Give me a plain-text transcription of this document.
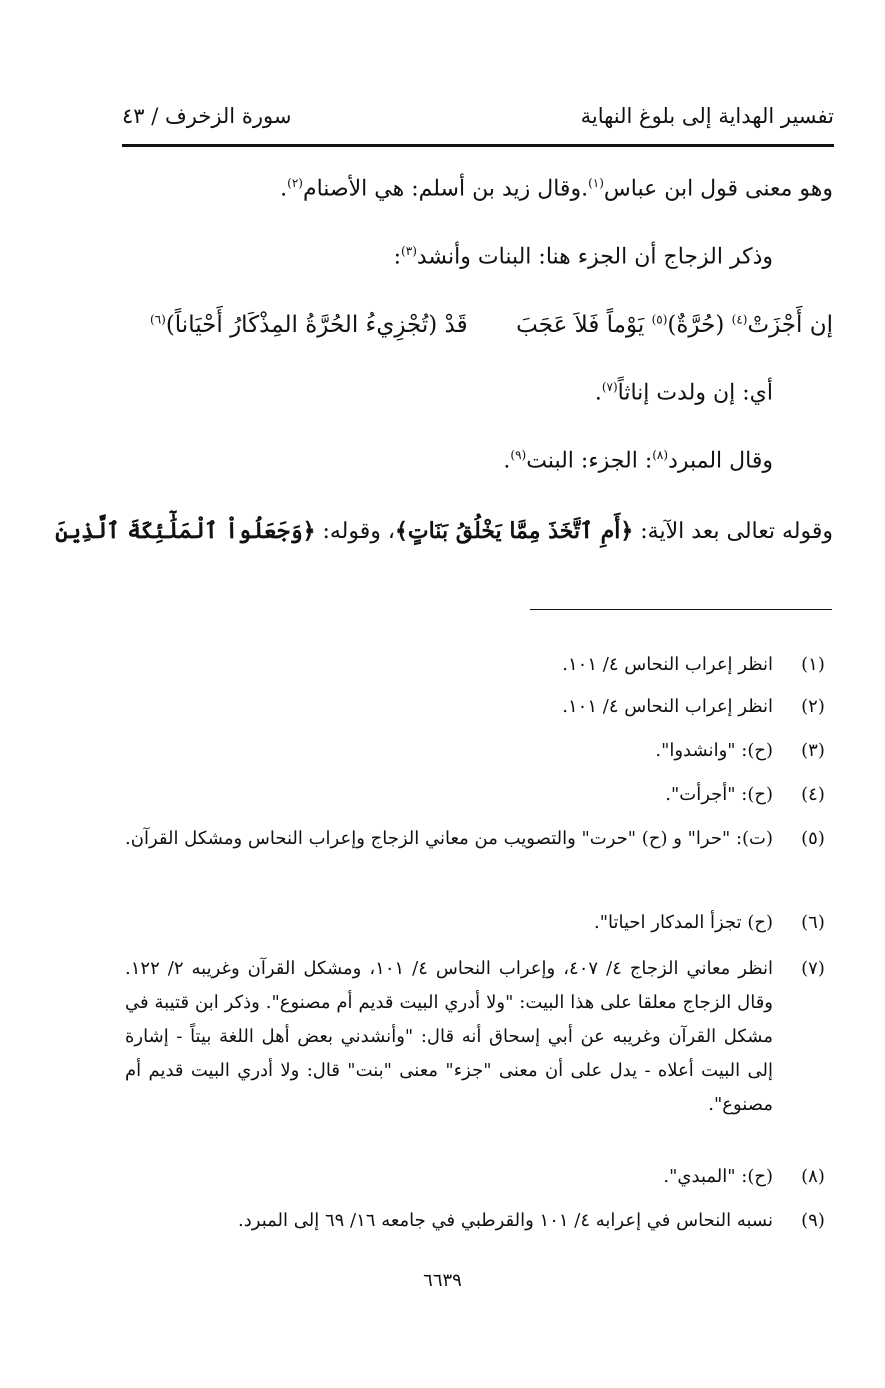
تفسير الهداية إلى بلوغ النهاية
سورة الزخرف / ٤٣
وهو معنى قول ابن عباس$^{(١)}$.وقال زيد بن أسلم: هي الأصنام$^{(٢)}$.
وذكر الزجاج أن الجزء هنا: البنات وأنشد$^{(٣)}$:
إن أَجْزَتْ$^{(٤)}$ (حُرَّةٌ)$^{(٥)}$ يَوْماً فَلاَ عَجَبَ
قَدْ (تُجْزِيءُ الحُرَّةُ المِذْكَارُ أَحْيَاناً)$^{(٦)}$
أي: إن ولدت إناثاً$^{(٧)}$.
وقال المبرد$^{(٨)}$: الجزء: البنت$^{(٩)}$.
وقوله تعالى بعد الآية: ﴿أَمِ ٱتَّخَذَ مِمَّا يَخْلُقُ بَنَاتٍ﴾، وقوله: ﴿وَجَعَلُواْ ٱلْمَلَٰٓئِكَةَ ٱلَّذِينَ
(١)
انظر إعراب النحاس ٤/ ١٠١.
(٢)
انظر إعراب النحاس ٤/ ١٠١.
(٣)
(ح): "وانشدوا".
(٤)
(ح): "أجرأت".
(٥)
(ت): "حرا" و (ح) "حرت" والتصويب من معاني الزجاج وإعراب النحاس ومشكل القرآن.
(٦)
(ح) تجزأ المدكار احياتا".
(٧)
انظر معاني الزجاج ٤/ ٤٠٧، وإعراب النحاس ٤/ ١٠١، ومشكل القرآن وغريبه ٢/ ١٢٢. وقال الزجاج معلقا على هذا البيت: "ولا أدري البيت قديم أم مصنوع". وذكر ابن قتيبة في مشكل القرآن وغريبه عن أبي إسحاق أنه قال: "وأنشدني بعض أهل اللغة بيتاً - إشارة إلى البيت أعلاه - يدل على أن معنى "جزء" معنى "بنت" قال: ولا أدري البيت قديم أم مصنوع".
(٨)
(ح): "المبدي".
(٩)
نسبه النحاس في إعرابه ٤/ ١٠١ والقرطبي في جامعه ١٦/ ٦٩ إلى المبرد.
٦٦٣٩
